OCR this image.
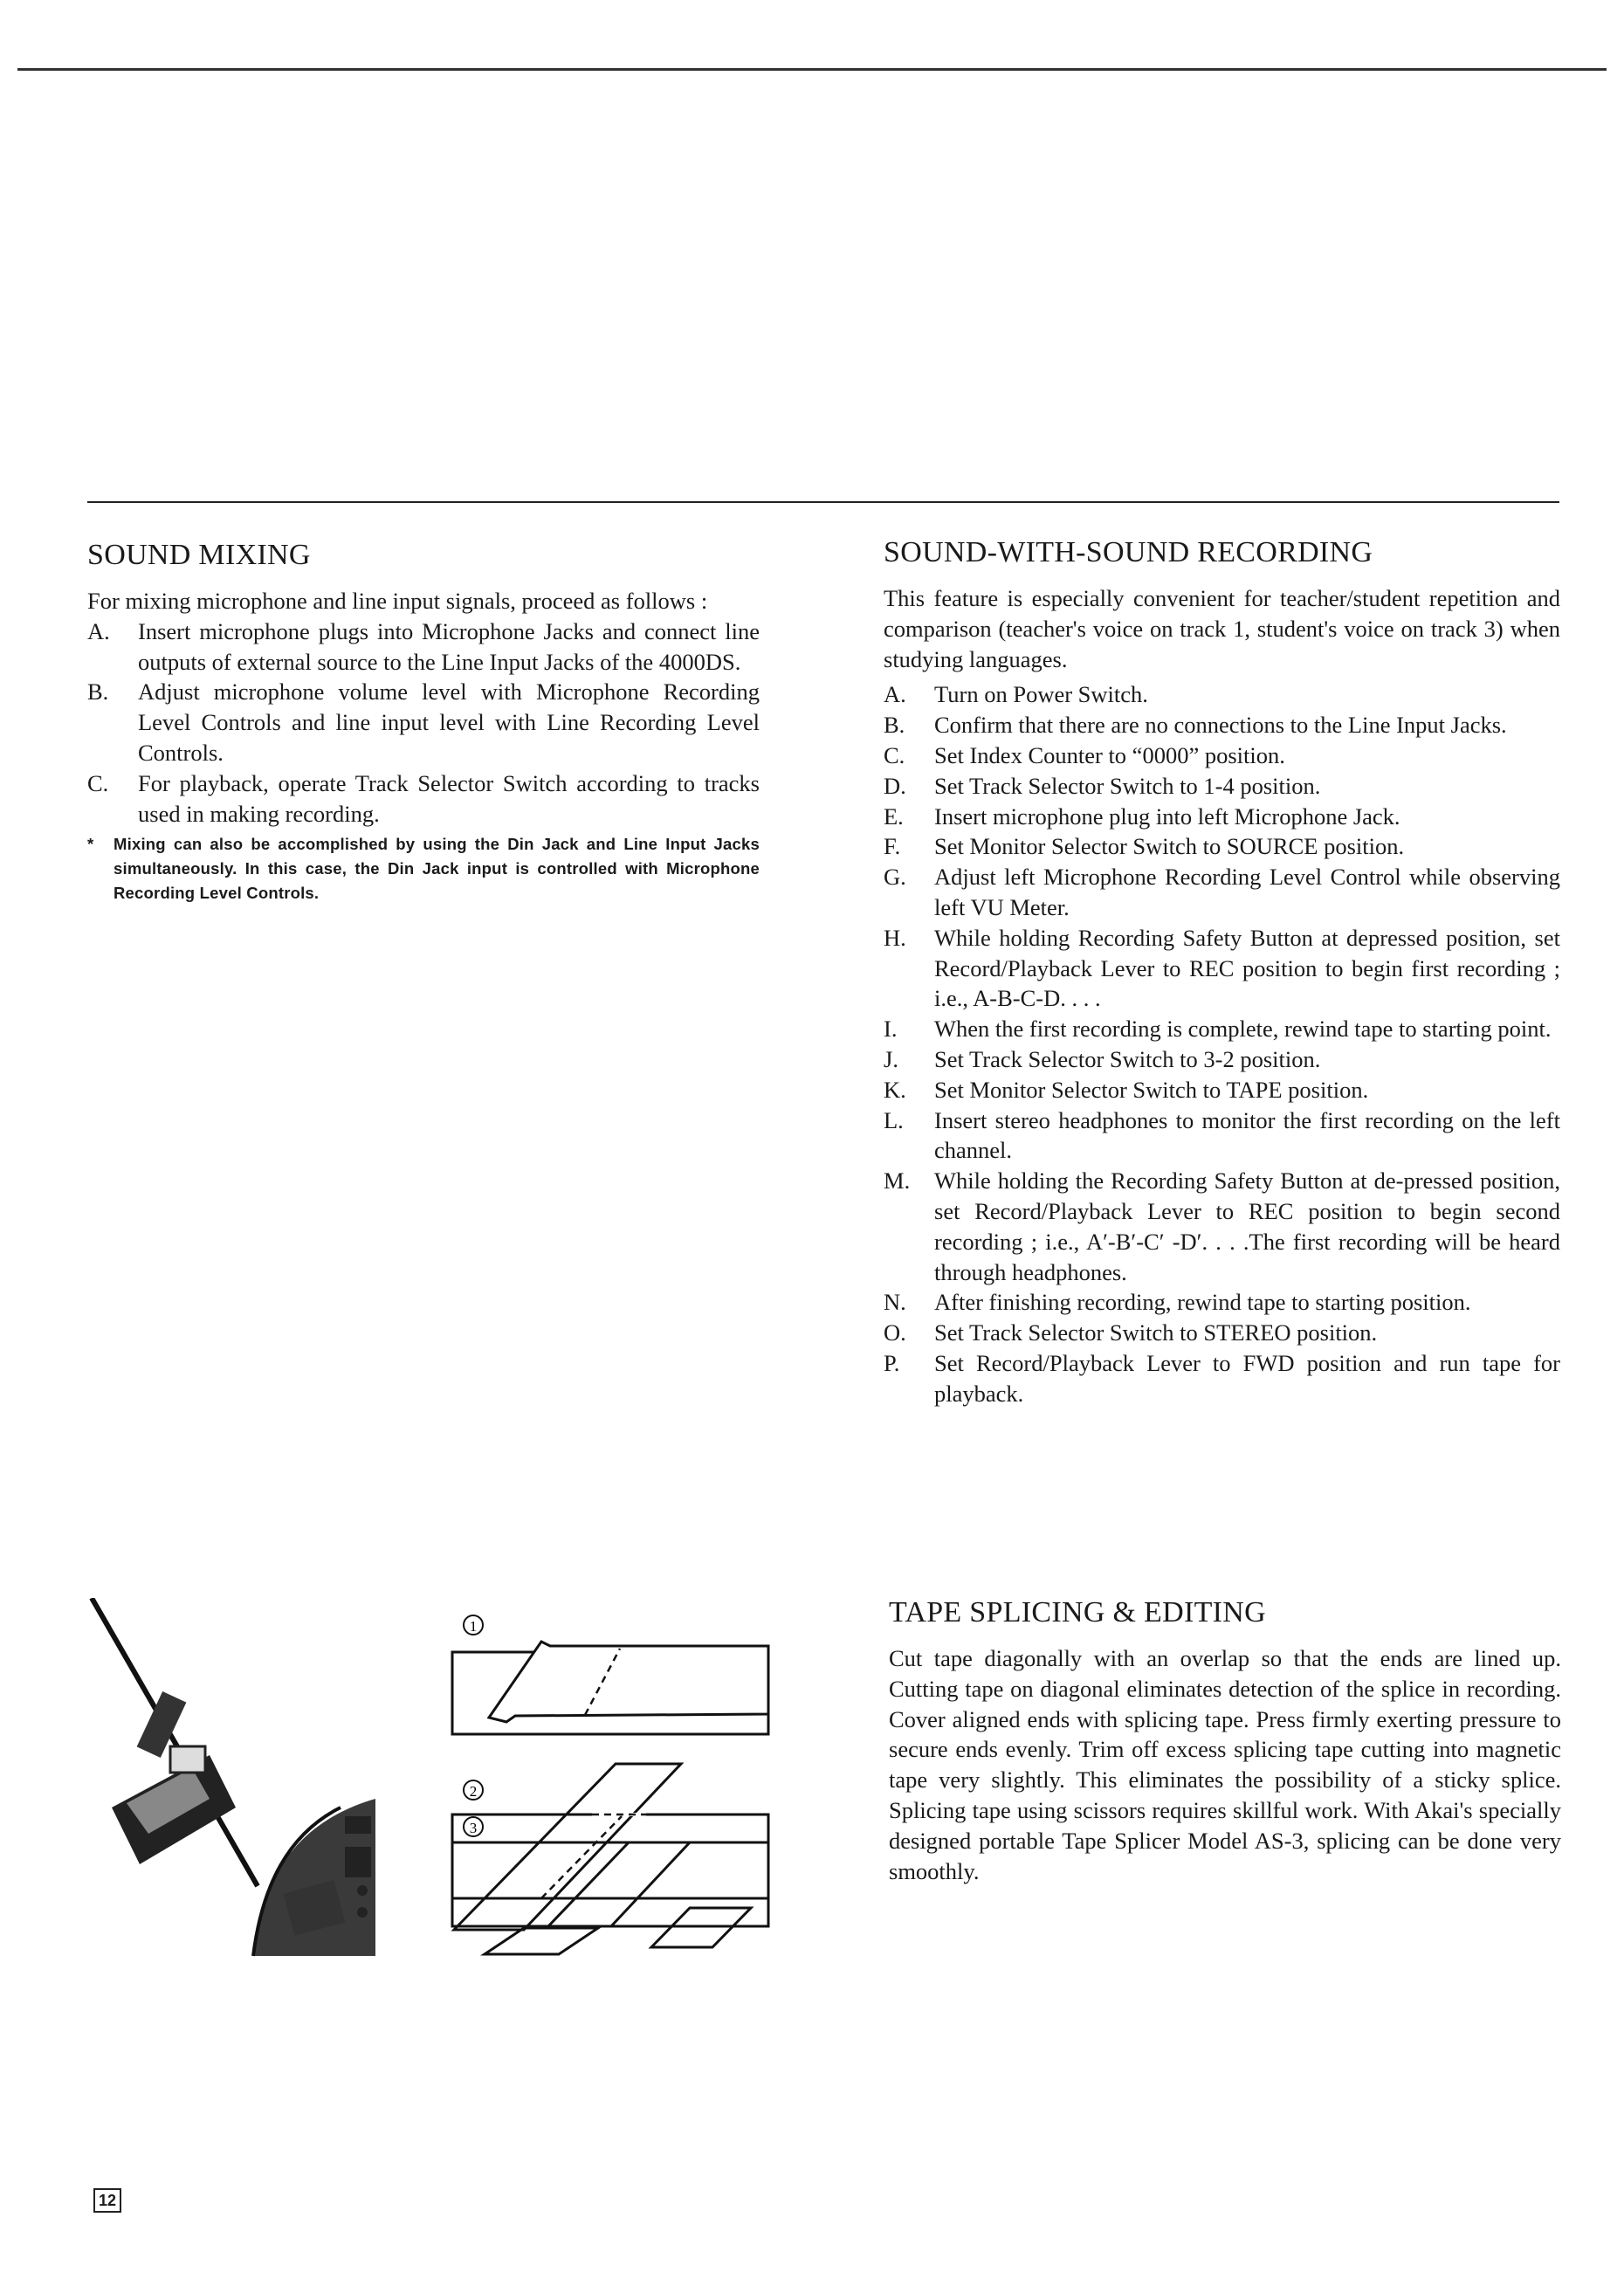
SOUND MIXING

For mixing microphone and line input signals, proceed as follows :

A.	Insert microphone plugs into Microphone Jacks and connect line outputs of external source to the Line Input Jacks of the 4000DS.
B.	Adjust microphone volume level with Microphone Recording Level Controls and line input level with Line Recording Level Controls.
C.	For playback, operate Track Selector Switch according to tracks used in making recording.
*	Mixing can also be accomplished by using the Din Jack and Line Input Jacks simultaneously. In this case, the Din Jack input is controlled with Microphone Recording Level Controls.
SOUND-WITH-SOUND RECORDING

This feature is especially convenient for teacher/student repetition and comparison (teacher's voice on track 1, student's voice on track 3) when studying languages.

A.	Turn on Power Switch.
B.	Confirm that there are no connections to the Line Input Jacks.
C.	Set Index Counter to “0000” position.
D.	Set Track Selector Switch to 1-4 position.
E.	Insert microphone plug into left Microphone Jack.
F.	Set Monitor Selector Switch to SOURCE position.
G.	Adjust left Microphone Recording Level Control while observing left VU Meter.
H.	While holding Recording Safety Button at depressed position, set Record/Playback Lever to REC position to begin first recording ; i.e., A-B-C-D. . . .
I.	When the first recording is complete, rewind tape to starting point.
J.	Set Track Selector Switch to 3-2 position.
K.	Set Monitor Selector Switch to TAPE position.
L.	Insert stereo headphones to monitor the first recording on the left channel.
M.	While holding the Recording Safety Button at de-pressed position, set Record/Playback Lever to REC position to begin second recording ; i.e., A′-B′-C′ -D′. . . .The first recording will be heard through headphones.
N.	After finishing recording, rewind tape to starting position.
O.	Set Track Selector Switch to STEREO position.
P.	Set Record/Playback Lever to FWD position and run tape for playback.
TAPE SPLICING & EDITING

Cut tape diagonally with an overlap so that the ends are lined up. Cutting tape on diagonal eliminates detection of the splice in recording. Cover aligned ends with splicing tape. Press firmly exerting pressure to secure ends evenly. Trim off excess splicing tape cutting into magnetic tape very slightly. This eliminates the possibility of a sticky splice. Splicing tape using scissors requires skillful work. With Akai's specially designed portable Tape Splicer Model AS-3, splicing can be done very smoothly.

1
2
3
12
